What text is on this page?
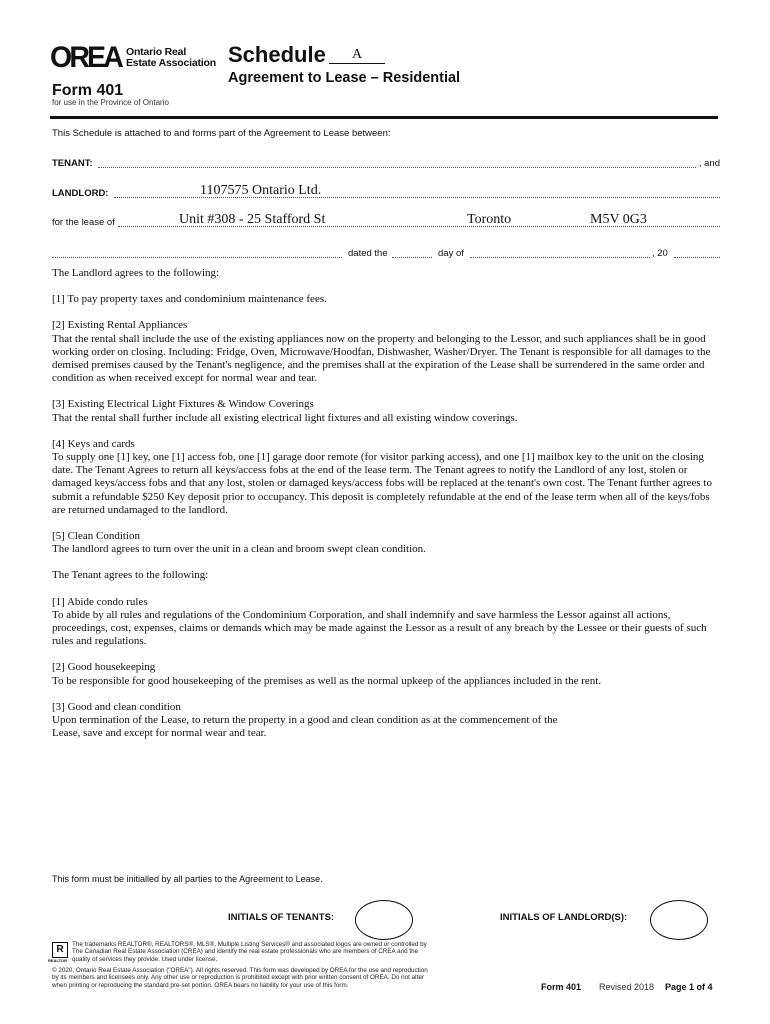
OREA Ontario Real Estate Association
Form 401
for use in the Province of Ontario
Schedule	A
Agreement to Lease – Residential
This Schedule is attached to and forms part of the Agreement to Lease between:
TENANT:	, and
LANDLORD:	1107575 Ontario Ltd.
for the lease of	Unit #308 - 25 Stafford St	Toronto	M5V 0G3
dated the	day of	, 20

The Landlord agrees to the following:

[1] To pay property taxes and condominium maintenance fees.

[2] Existing Rental Appliances

That the rental shall include the use of the existing appliances now on the property and belonging to the Lessor, and such appliances shall be in good working order on closing. Including: Fridge, Oven, Microwave/Hoodfan, Dishwasher, Washer/Dryer. The Tenant is responsible for all damages to the demised premises caused by the Tenant's negligence, and the premises shall at the expiration of the Lease shall be surrendered in the same order and condition as when received except for normal wear and tear.

[3] Existing Electrical Light Fixtures & Window Coverings

That the rental shall further include all existing electrical light fixtures and all existing window coverings.

[4] Keys and cards

To supply one [1] key, one [1] access fob, one [1] garage door remote (for visitor parking access), and one [1] mailbox key to the unit on the closing date. The Tenant Agrees to return all keys/access fobs at the end of the lease term. The Tenant agrees to notify the Landlord of any lost, stolen or damaged keys/access fobs and that any lost, stolen or damaged keys/access fobs will be replaced at the tenant's own cost. The Tenant further agrees to submit a refundable $250 Key deposit prior to occupancy. This deposit is completely refundable at the end of the lease term when all of the keys/fobs are returned undamaged to the landlord.

[5] Clean Condition

The landlord agrees to turn over the unit in a clean and broom swept clean condition.

The Tenant agrees to the following:

[1] Abide condo rules

To abide by all rules and regulations of the Condominium Corporation, and shall indemnify and save harmless the Lessor against all actions, proceedings, cost, expenses, claims or demands which may be made against the Lessor as a result of any breach by the Lessee or their guests of such rules and regulations.

[2] Good housekeeping

To be responsible for good housekeeping of the premises as well as the normal upkeep of the appliances included in the rent.

[3] Good and clean condition

Upon termination of the Lease, to return the property in a good and clean condition as at the commencement of the

Lease, save and except for normal wear and tear.

This form must be initialled by all parties to the Agreement to Lease.
INITIALS OF TENANTS:	INITIALS OF LANDLORD(S):
R
REALTOR
The trademarks REALTOR®, REALTORS®, MLS®, Multiple Listing Services® and associated logos are owned or controlled by
The Canadian Real Estate Association (CREA) and identify the real estate professionals who are members of CREA and the
quality of services they provide. Used under license.
© 2020, Ontario Real Estate Association ("OREA"). All rights reserved. This form was developed by OREA for the use and reproduction
by its members and licensees only. Any other use or reproduction is prohibited except with prior written consent of OREA. Do not alter
when printing or reproducing the standard pre-set portion. OREA bears no liability for your use of this form.	Form 401 Revised 2018 Page 1 of 4
